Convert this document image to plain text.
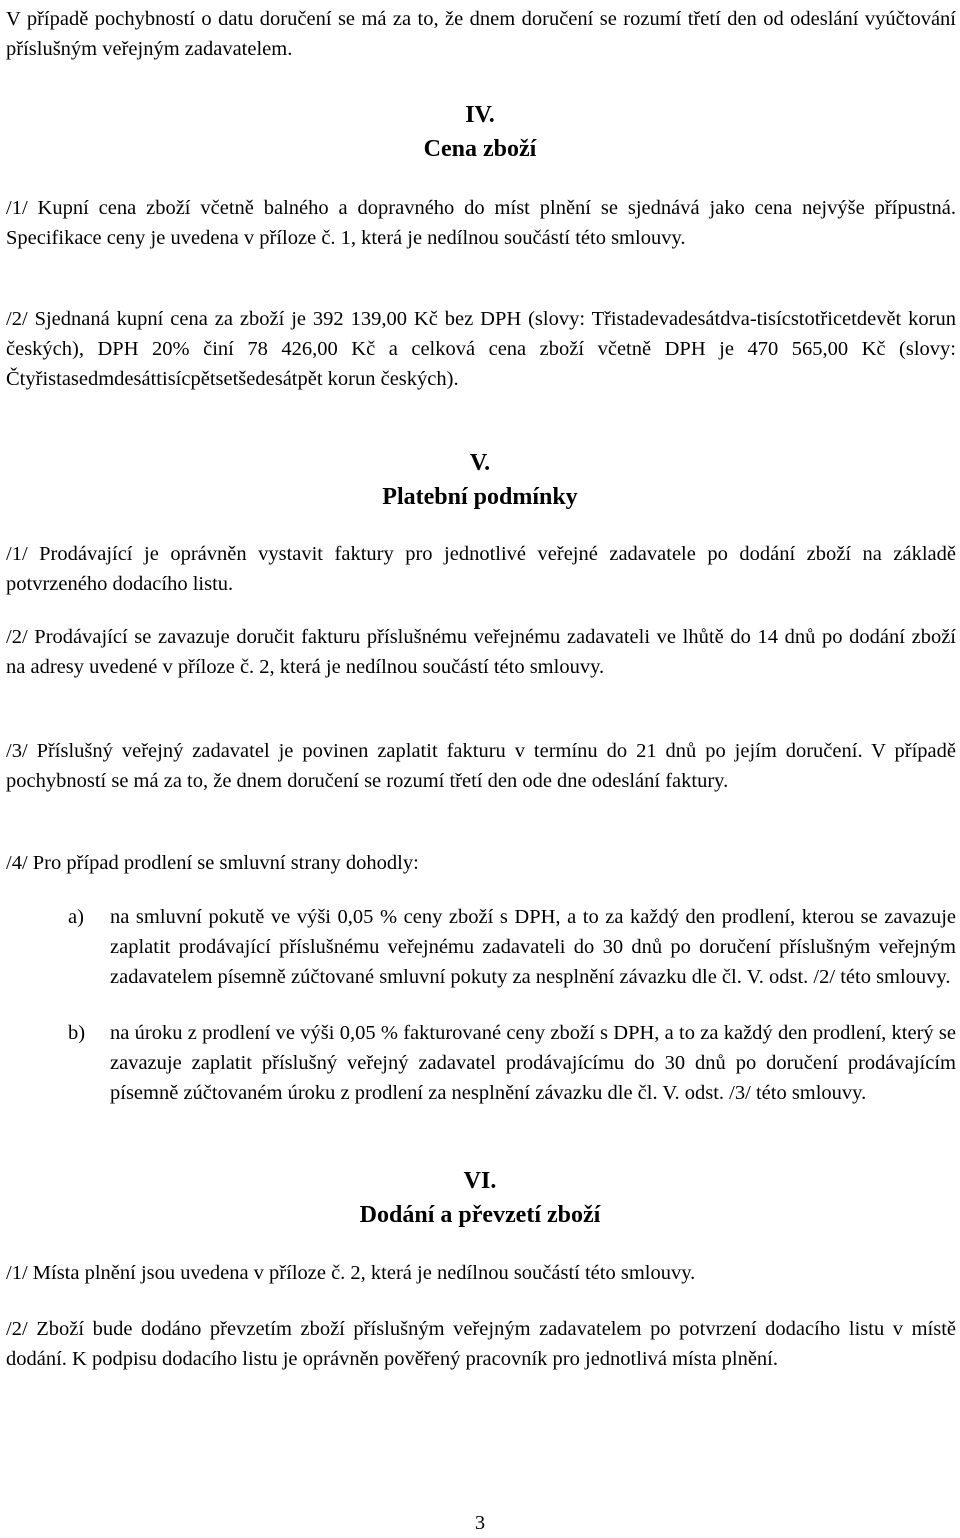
V případě pochybností o datu doručení se má za to, že dnem doručení se rozumí třetí den od odeslání vyúčtování příslušným veřejným zadavatelem.

IV.
Cena zboží

/1/ Kupní cena zboží včetně balného a dopravného do míst plnění se sjednává jako cena nejvýše přípustná. Specifikace ceny je uvedena v příloze č. 1, která je nedílnou součástí této smlouvy.

/2/ Sjednaná kupní cena za zboží je 392 139,00 Kč bez DPH (slovy: Třistadevadesátdva-tisícstotřicetdevět korun českých), DPH 20% činí 78 426,00 Kč a celková cena zboží včetně DPH je 470 565,00 Kč (slovy: Čtyřistasedmdesáttisícpětsetšedesátpět korun českých).

V.
Platební podmínky

/1/ Prodávající je oprávněn vystavit faktury pro jednotlivé veřejné zadavatele po dodání zboží na základě potvrzeného dodacího listu.

/2/ Prodávající se zavazuje doručit fakturu příslušnému veřejnému zadavateli ve lhůtě do 14 dnů po dodání zboží na adresy uvedené v příloze č. 2, která je nedílnou součástí této smlouvy.

/3/ Příslušný veřejný zadavatel je povinen zaplatit fakturu v termínu do 21 dnů po jejím doručení. V případě pochybností se má za to, že dnem doručení se rozumí třetí den ode dne odeslání faktury.

/4/ Pro případ prodlení se smluvní strany dohodly:

a) na smluvní pokutě ve výši 0,05 % ceny zboží s DPH, a to za každý den prodlení, kterou se zavazuje zaplatit prodávající příslušnému veřejnému zadavateli do 30 dnů po doručení příslušným veřejným zadavatelem písemně zúčtované smluvní pokuty za nesplnění závazku dle čl. V. odst. /2/ této smlouvy.

b) na úroku z prodlení ve výši 0,05 % fakturované ceny zboží s DPH, a to za každý den prodlení, který se zavazuje zaplatit příslušný veřejný zadavatel prodávajícímu do 30 dnů po doručení prodávajícím písemně zúčtovaném úroku z prodlení za nesplnění závazku dle čl. V. odst. /3/ této smlouvy.

VI.
Dodání a převzetí zboží

/1/ Místa plnění jsou uvedena v příloze č. 2, která je nedílnou součástí této smlouvy.

/2/ Zboží bude dodáno převzetím zboží příslušným veřejným zadavatelem po potvrzení dodacího listu v místě dodání. K podpisu dodacího listu je oprávněn pověřený pracovník pro jednotlivá místa plnění.

3
